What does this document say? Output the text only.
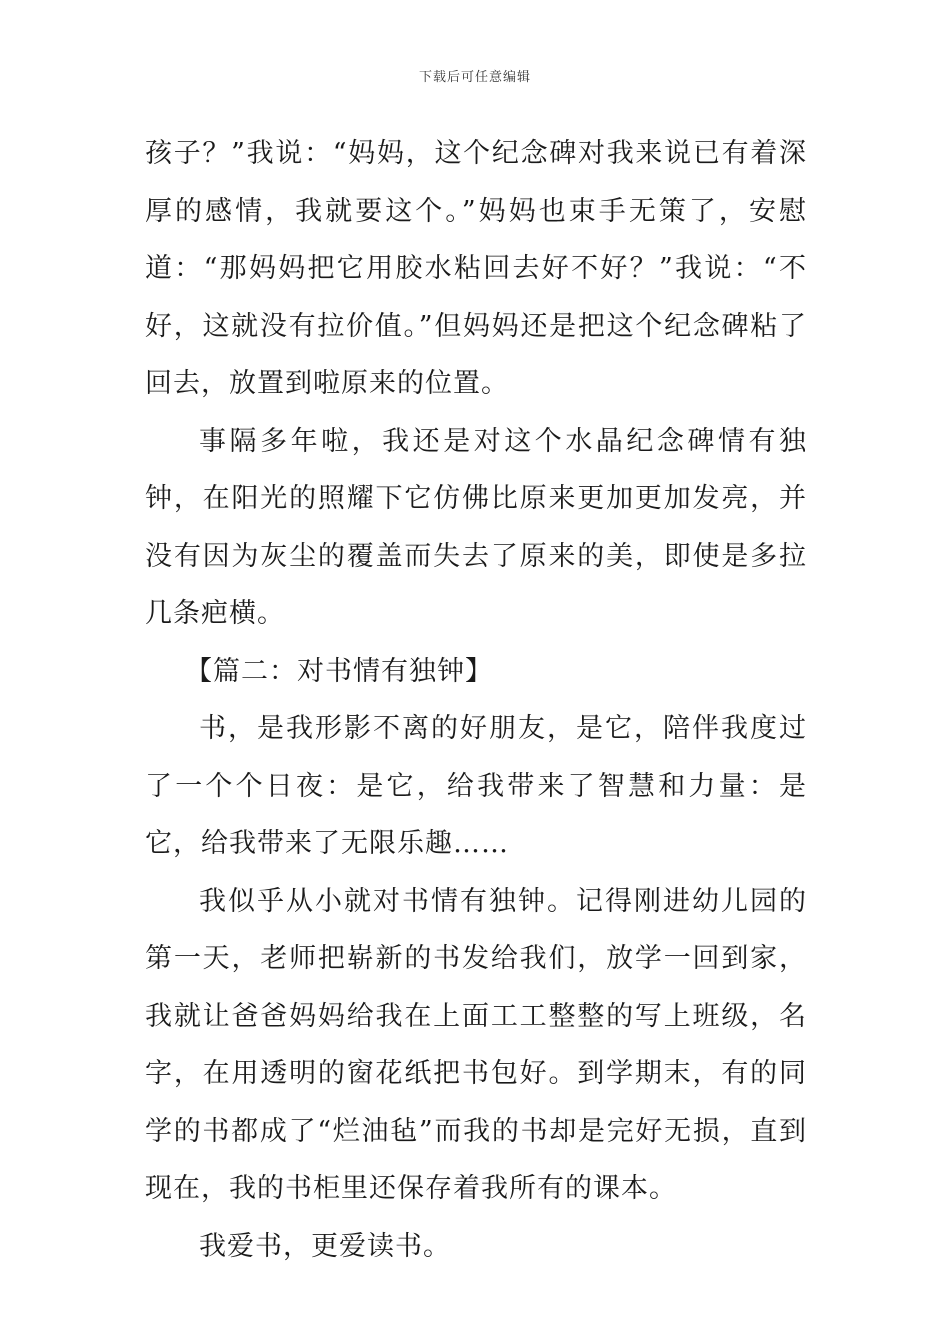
下载后可任意编辑

孩子？”我说：“妈妈，这个纪念碑对我来说已有着深厚的感情，我就要这个。”妈妈也束手无策了，安慰道：“那妈妈把它用胶水粘回去好不好？”我说：“不好，这就没有拉价值。”但妈妈还是把这个纪念碑粘了回去，放置到啦原来的位置。

事隔多年啦，我还是对这个水晶纪念碑情有独钟，在阳光的照耀下它仿佛比原来更加更加发亮，并没有因为灰尘的覆盖而失去了原来的美，即使是多拉几条疤横。

【篇二：对书情有独钟】

书，是我形影不离的好朋友，是它，陪伴我度过了一个个日夜：是它，给我带来了智慧和力量：是它，给我带来了无限乐趣……

我似乎从小就对书情有独钟。记得刚进幼儿园的第一天，老师把崭新的书发给我们，放学一回到家，我就让爸爸妈妈给我在上面工工整整的写上班级，名字，在用透明的窗花纸把书包好。到学期末，有的同学的书都成了“烂油毡”而我的书却是完好无损，直到现在，我的书柜里还保存着我所有的课本。

我爱书，更爱读书。
